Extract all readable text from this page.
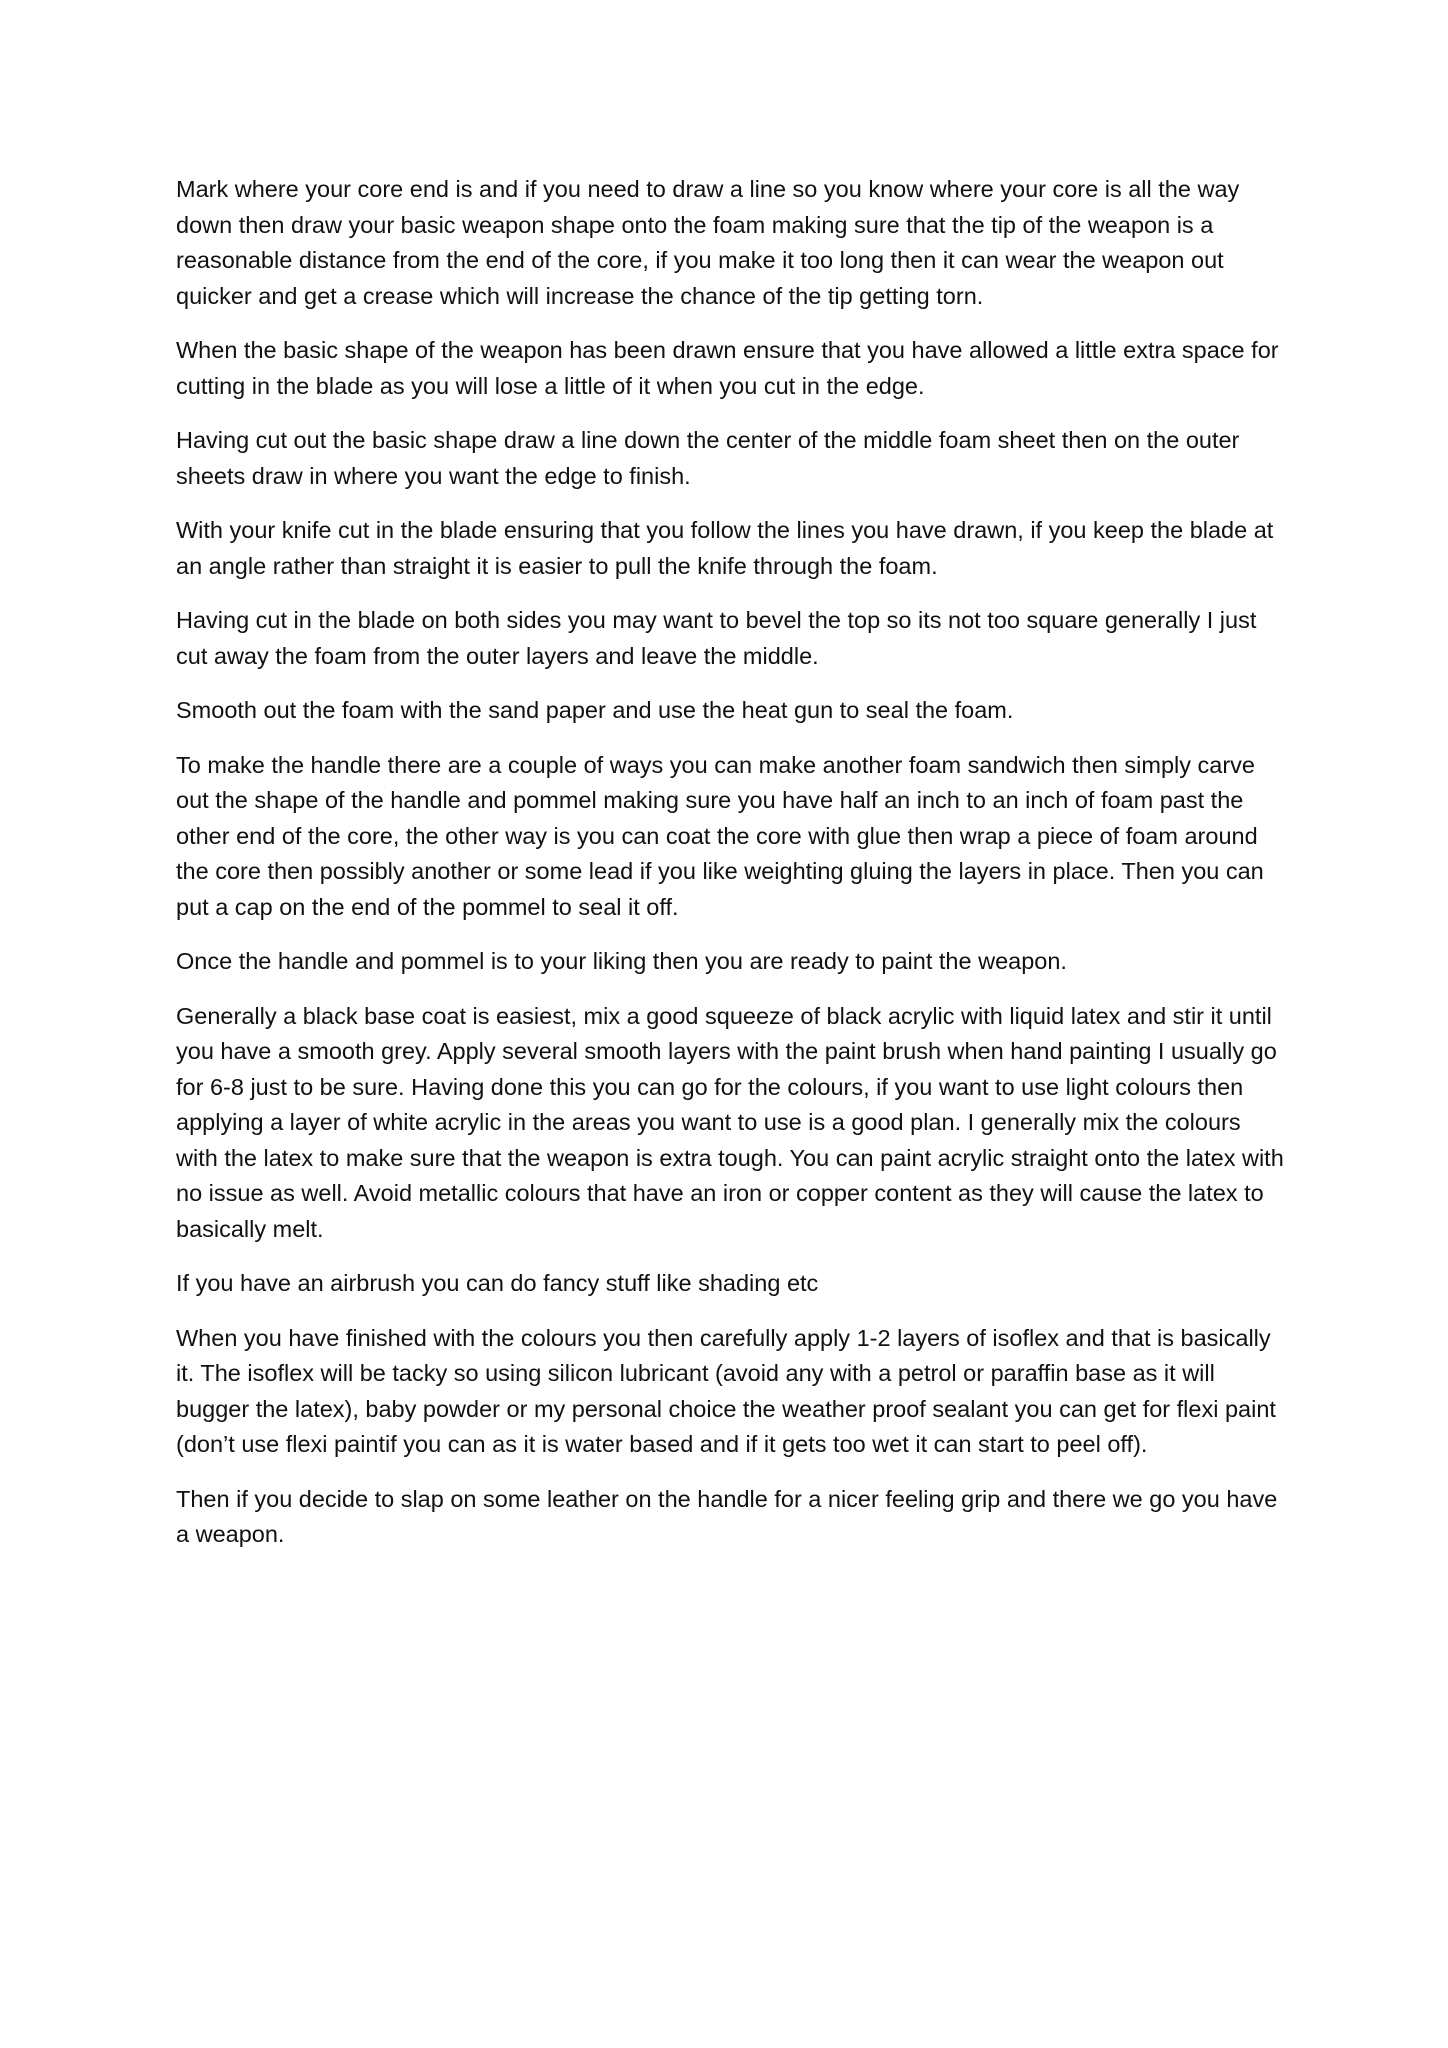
Mark where your core end is and if you need to draw a line so you know where your core is all the way down then draw your basic weapon shape onto the foam making sure that the tip of the weapon is a reasonable distance from the end of the core, if you make it too long then it can wear the weapon out quicker and get a crease which will increase the chance of the tip getting torn.

When the basic shape of the weapon has been drawn ensure that you have allowed a little extra space for cutting in the blade as you will lose a little of it when you cut in the edge.

Having cut out the basic shape draw a line down the center of the middle foam sheet then on the outer sheets draw in where you want the edge to finish.

With your knife cut in the blade ensuring that you follow the lines you have drawn, if you keep the blade at an angle rather than straight it is easier to pull the knife through the foam.

Having cut in the blade on both sides you may want to bevel the top so its not too square generally I just cut away the foam from the outer layers and leave the middle.

Smooth out the foam with the sand paper and use the heat gun to seal the foam.

To make the handle there are a couple of ways you can make another foam sandwich then simply carve out the shape of the handle and pommel making sure you have half an inch to an inch of foam past the other end of the core, the other way is you can coat the core with glue then wrap a piece of foam around the core then possibly another or some lead if you like weighting gluing the layers in place. Then you can put a cap on the end of the pommel to seal it off.

Once the handle and pommel is to your liking then you are ready to paint the weapon.

Generally a black base coat is easiest, mix a good squeeze of black acrylic with liquid latex and stir it until you have a smooth grey. Apply several smooth layers with the paint brush when hand painting I usually go for 6-8 just to be sure. Having done this you can go for the colours, if you want to use light colours then applying a layer of white acrylic in the areas you want to use is a good plan. I generally mix the colours with the latex to make sure that the weapon is extra tough. You can paint acrylic straight onto the latex with no issue as well. Avoid metallic colours that have an iron or copper content as they will cause the latex to basically melt.

If you have an airbrush you can do fancy stuff like shading etc

When you have finished with the colours you then carefully apply 1-2 layers of isoflex and that is basically it. The isoflex will be tacky so using silicon lubricant (avoid any with a petrol or paraffin base as it will bugger the latex), baby powder or my personal choice the weather proof sealant you can get for flexi paint (don’t use flexi paintif you can as it is water based and if it gets too wet it can start to peel off).

Then if you decide to slap on some leather on the handle for a nicer feeling grip and there we go you have a weapon.
